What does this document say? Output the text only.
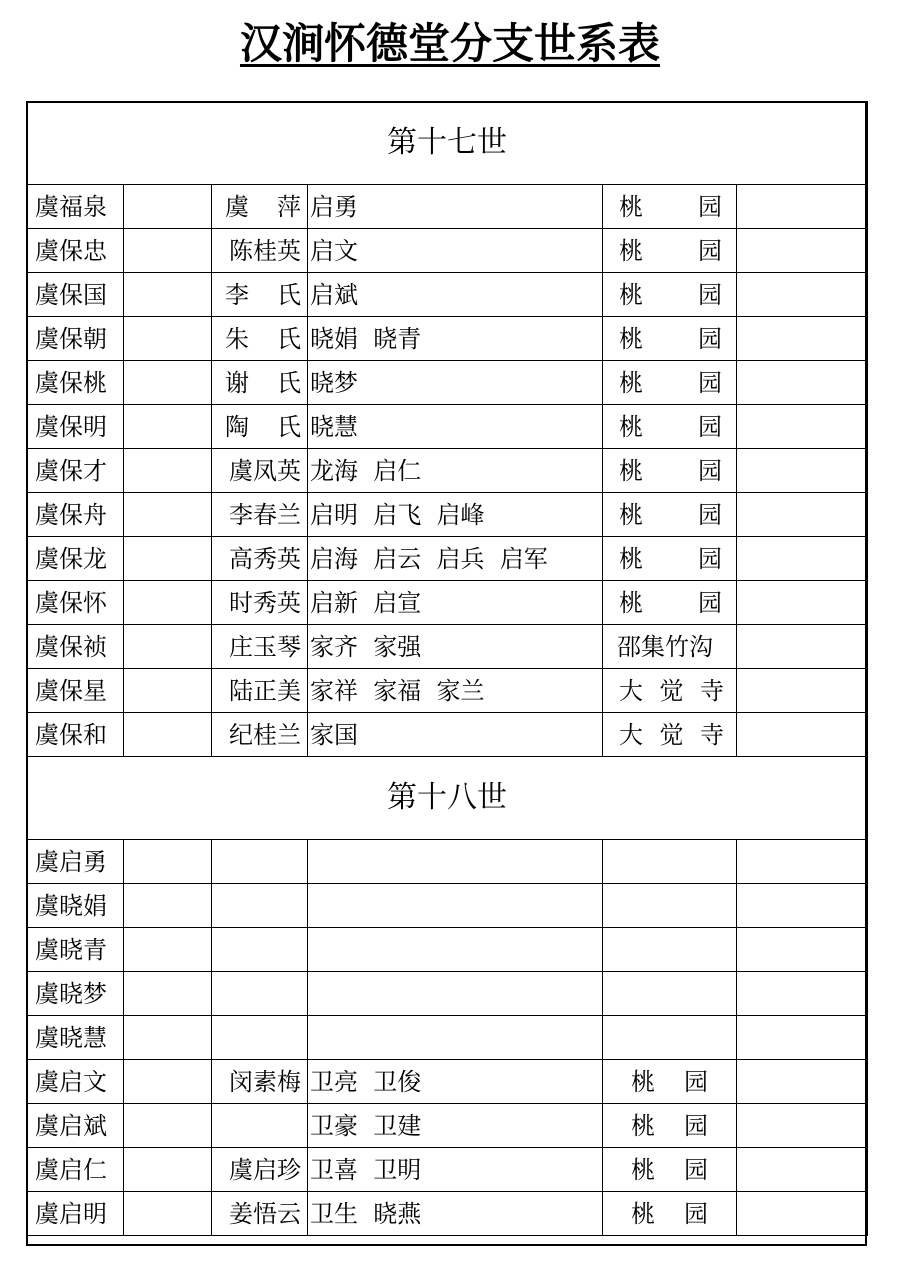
汉涧怀德堂分支世系表
第十七世					
虞福泉		虞 萍	启勇	桃 园	

虞保忠		陈桂英	启文	桃 园	

虞保国		李 氏	启斌	桃 园	

虞保朝		朱 氏	晓娟  晓青	桃 园	

虞保桃		谢 氏	晓梦	桃 园	

虞保明		陶 氏	晓慧	桃 园	

虞保才		虞凤英	龙海  启仁	桃 园	

虞保舟		李春兰	启明  启飞  启峰	桃 园	

虞保龙		高秀英	启海  启云  启兵  启军	桃 园	

虞保怀		时秀英	启新  启宣	桃 园	

虞保祯		庄玉琴	家齐  家强	邵集竹沟	

虞保星		陆正美	家祥  家福  家兰	大 觉 寺	

虞保和		纪桂兰	家国	大 觉 寺	

第十八世					
虞启勇					
虞晓娟					
虞晓青					
虞晓梦					
虞晓慧					
虞启文		闵素梅	卫亮  卫俊	桃 园	

虞启斌			卫豪  卫建	桃 园	

虞启仁		虞启珍	卫喜  卫明	桃 园	

虞启明		姜悟云	卫生  晓燕	桃 园	
